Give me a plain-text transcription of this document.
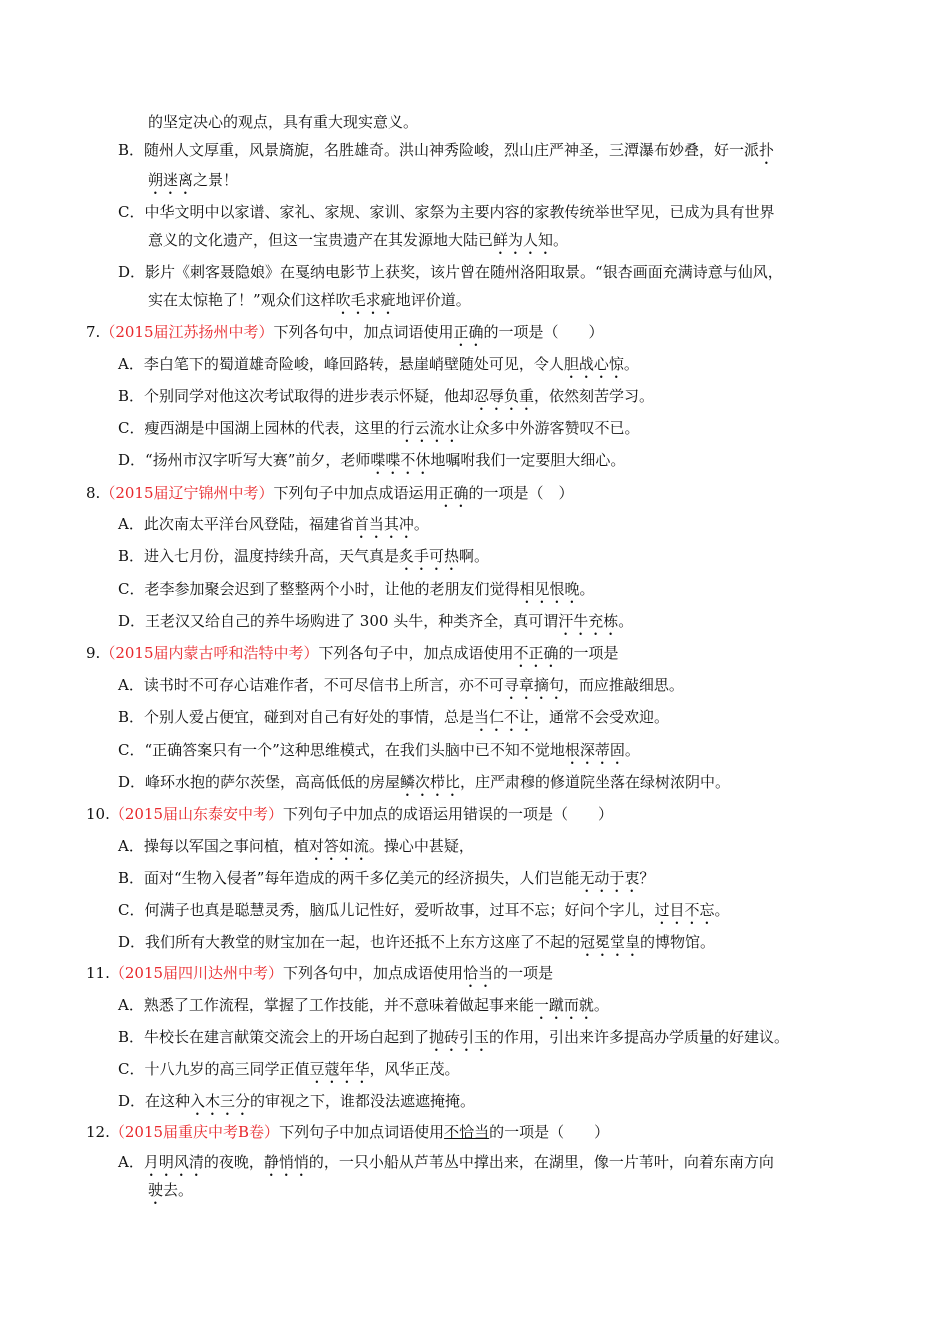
的坚定决心的观点，具有重大现实意义。
B．随州人文厚重，风景旖旎，名胜雄奇。洪山神秀险峻，烈山庄严神圣，三潭瀑布妙叠，好一派扑
朔迷离之景！
C．中华文明中以家谱、家礼、家规、家训、家祭为主要内容的家教传统举世罕见，已成为具有世界
意义的文化遗产，但这一宝贵遗产在其发源地大陆已鲜为人知。
D．影片《刺客聂隐娘》在戛纳电影节上获奖，该片曾在随州洛阳取景。“银杏画面充满诗意与仙风，
实在太惊艳了！”观众们这样吹毛求疵地评价道。
7.（2015届江苏扬州中考）下列各句中，加点词语使用正确的一项是（　　）
A．李白笔下的蜀道雄奇险峻，峰回路转，悬崖峭壁随处可见，令人胆战心惊。
B．个别同学对他这次考试取得的进步表示怀疑，他却忍辱负重，依然刻苦学习。
C．瘦西湖是中国湖上园林的代表，这里的行云流水让众多中外游客赞叹不已。
D．“扬州市汉字听写大赛”前夕，老师喋喋不休地嘱咐我们一定要胆大细心。
8.（2015届辽宁锦州中考）下列句子中加点成语运用正确的一项是（　）
A．此次南太平洋台风登陆，福建省首当其冲。
B．进入七月份，温度持续升高，天气真是炙手可热啊。
C．老李参加聚会迟到了整整两个小时，让他的老朋友们觉得相见恨晚。
D．王老汉又给自己的养牛场购进了 300 头牛，种类齐全，真可谓汗牛充栋。
9.（2015届内蒙古呼和浩特中考）下列各句子中，加点成语使用不正确的一项是
A．读书时不可存心诘难作者，不可尽信书上所言，亦不可寻章摘句，而应推敲细思。
B．个别人爱占便宜，碰到对自己有好处的事情，总是当仁不让，通常不会受欢迎。
C．“正确答案只有一个”这种思维模式，在我们头脑中已不知不觉地根深蒂固。
D．峰环水抱的萨尔茨堡，高高低低的房屋鳞次栉比，庄严肃穆的修道院坐落在绿树浓阴中。
10.（2015届山东泰安中考）下列句子中加点的成语运用错误的一项是（　　）
A．操每以军国之事问植，植对答如流。操心中甚疑，
B．面对“生物入侵者”每年造成的两千多亿美元的经济损失，人们岂能无动于衷？
C．何满子也真是聪慧灵秀，脑瓜儿记性好，爱听故事，过耳不忘；好问个字儿，过目不忘。
D．我们所有大教堂的财宝加在一起，也许还抵不上东方这座了不起的冠冕堂皇的博物馆。
11.（2015届四川达州中考）下列各句中，加点成语使用恰当的一项是
A．熟悉了工作流程，掌握了工作技能，并不意味着做起事来能一蹴而就。
B．牛校长在建言献策交流会上的开场白起到了抛砖引玉的作用，引出来许多提高办学质量的好建议。
C．十八九岁的高三同学正值豆蔻年华，风华正茂。
D．在这种入木三分的审视之下，谁都没法遮遮掩掩。
12.（2015届重庆中考B卷）下列句子中加点词语使用不恰当的一项是（　　）
A．月明风清的夜晚，静悄悄的，一只小船从芦苇丛中撑出来，在湖里，像一片苇叶，向着东南方向
驶去。
